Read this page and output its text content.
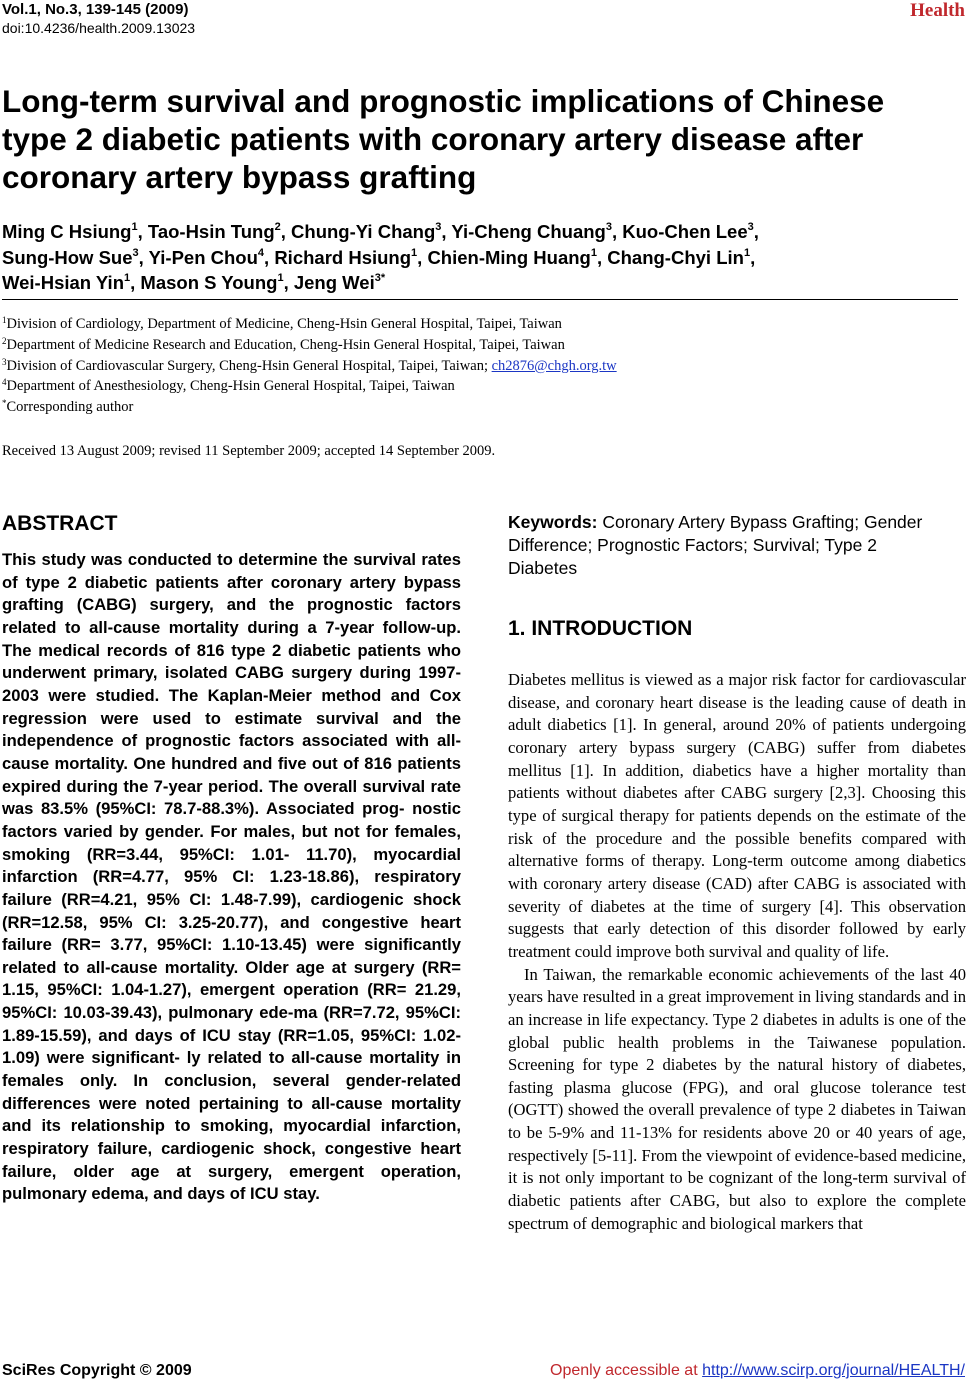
Vol.1, No.3, 139-145 (2009)
doi:10.4236/health.2009.13023
Health
Long-term survival and prognostic implications of Chinese type 2 diabetic patients with coronary artery disease after coronary artery bypass grafting
Ming C Hsiung$^1$, Tao-Hsin Tung$^2$, Chung-Yi Chang$^3$, Yi-Cheng Chuang$^3$, Kuo-Chen Lee$^3$,
Sung-How Sue$^3$, Yi-Pen Chou$^4$, Richard Hsiung$^1$, Chien-Ming Huang$^1$, Chang-Chyi Lin$^1$,
Wei-Hsian Yin$^1$, Mason S Young$^1$, Jeng Wei$^{3*}$
$^1$Division of Cardiology, Department of Medicine, Cheng-Hsin General Hospital, Taipei, Taiwan
$^2$Department of Medicine Research and Education, Cheng-Hsin General Hospital, Taipei, Taiwan
$^3$Division of Cardiovascular Surgery, Cheng-Hsin General Hospital, Taipei, Taiwan; ch2876@chgh.org.tw
$^4$Department of Anesthesiology, Cheng-Hsin General Hospital, Taipei, Taiwan
*Corresponding author
Received 13 August 2009; revised 11 September 2009; accepted 14 September 2009.
ABSTRACT
This study was conducted to determine the survival rates of type 2 diabetic patients after coronary artery bypass grafting (CABG) surgery, and the prognostic factors related to all-cause mortality during a 7-year follow-up. The medical records of 816 type 2 diabetic patients who underwent primary, isolated CABG surgery during 1997-2003 were studied. The Kaplan-Meier method and Cox regression were used to estimate survival and the independence of prognostic factors associated with all-cause mortality. One hundred and five out of 816 patients expired during the 7-year period. The overall survival rate was 83.5% (95%CI: 78.7-88.3%). Associated prog- nostic factors varied by gender. For males, but not for females, smoking (RR=3.44, 95%CI: 1.01- 11.70), myocardial infarction (RR=4.77, 95% CI: 1.23-18.86), respiratory failure (RR=4.21, 95% CI: 1.48-7.99), cardiogenic shock (RR=12.58, 95% CI: 3.25-20.77), and congestive heart failure (RR= 3.77, 95%CI: 1.10-13.45) were significantly related to all-cause mortality. Older age at surgery (RR= 1.15, 95%CI: 1.04-1.27), emergent operation (RR= 21.29, 95%CI: 10.03-39.43), pulmonary ede-ma (RR=7.72, 95%CI: 1.89-15.59), and days of ICU stay (RR=1.05, 95%CI: 1.02-1.09) were significant- ly related to all-cause mortality in females only. In conclusion, several gender-related differences were noted pertaining to all-cause mortality and its relationship to smoking, myocardial infarction, respiratory failure, cardiogenic shock, congestive heart failure, older age at surgery, emergent operation, pulmonary edema, and days of ICU stay.
Keywords: Coronary Artery Bypass Grafting; Gender Difference; Prognostic Factors; Survival; Type 2 Diabetes
1. INTRODUCTION

Diabetes mellitus is viewed as a major risk factor for cardiovascular disease, and coronary heart disease is the leading cause of death in adult diabetics [1]. In general, around 20% of patients undergoing coronary artery bypass surgery (CABG) suffer from diabetes mellitus [1]. In addition, diabetics have a higher mortality than patients without diabetes after CABG surgery [2,3]. Choosing this type of surgical therapy for patients depends on the estimate of the risk of the procedure and the possible benefits compared with alternative forms of therapy. Long-term outcome among diabetics with coronary artery disease (CAD) after CABG is associated with severity of diabetes at the time of surgery [4]. This observation suggests that early detection of this disorder followed by early treatment could improve both survival and quality of life.

In Taiwan, the remarkable economic achievements of the last 40 years have resulted in a great improvement in living standards and in an increase in life expectancy. Type 2 diabetes in adults is one of the global public health problems in the Taiwanese population. Screening for type 2 diabetes by the natural history of diabetes, fasting plasma glucose (FPG), and oral glucose tolerance test (OGTT) showed the overall prevalence of type 2 diabetes in Taiwan to be 5-9% and 11-13% for residents above 20 or 40 years of age, respectively [5-11]. From the viewpoint of evidence-based medicine, it is not only important to be cognizant of the long-term survival of diabetic patients after CABG, but also to explore the complete spectrum of demographic and biological markers that

SciRes Copyright © 2009	Openly accessible at http://www.scirp.org/journal/HEALTH/
